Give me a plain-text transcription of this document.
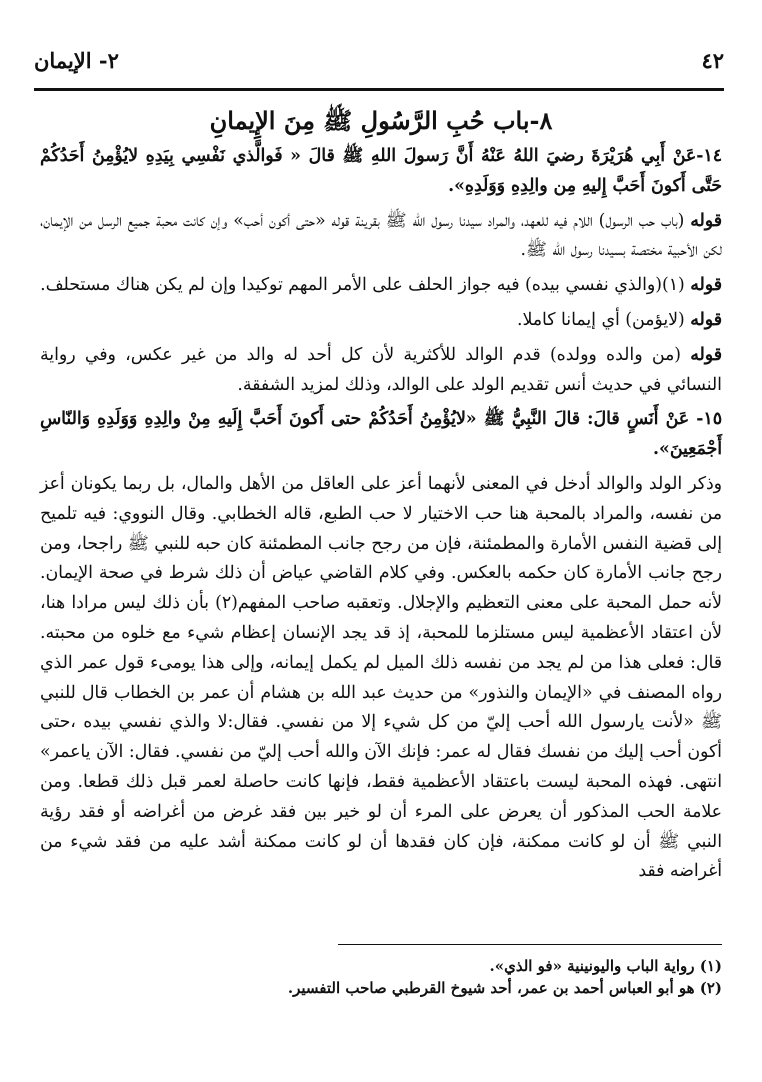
٤٢
٢- الإيمان
٨-باب حُبِ الرَّسُولِ ﷺ مِنَ الإِيمانِ

١٤-عَنْ أَبِي هُرَيْرَةَ رضيَ اللهُ عَنْهُ أَنَّ رَسولَ اللهِ ﷺ قالَ « فَوالَّذي نَفْسِي بِيَدِهِ لايُؤْمِنُ أَحَدُكُمْ حَتَّى أَكونَ أَحَبَّ إِليهِ مِن والِدِهِ وَوَلَدِهِ».

قوله (باب حب الرسول) اللام فيه للعهد، والمراد سيدنا رسول الله ﷺ بقرينة قوله «حتى أكون أحب» وإن كانت محبة جميع الرسل من الإيمان، لكن الأحبية مختصة بسيدنا رسول الله ﷺ.

قوله (١)(والذي نفسي بيده) فيه جواز الحلف على الأمر المهم توكيدا وإن لم يكن هناك مستحلف.

قوله (لايؤمن) أي إيمانا كاملا.

قوله (من والده وولده) قدم الوالد للأكثرية لأن كل أحد له والد من غير عكس، وفي رواية النسائي في حديث أنس تقديم الولد على الوالد، وذلك لمزيد الشفقة.

١٥- عَنْ أَنَسٍ قالَ: قالَ النَّبِيُّ ﷺ «لايُؤْمِنُ أَحَدُكُمْ حتى أَكونَ أَحَبَّ إِلَيهِ مِنْ والِدِهِ وَوَلَدِهِ وَالنّاسِ أَجْمَعِينَ».

وذكر الولد والوالد أدخل في المعنى لأنهما أعز على العاقل من الأهل والمال، بل ربما يكونان أعز من نفسه، والمراد بالمحبة هنا حب الاختيار لا حب الطبع، قاله الخطابي. وقال النووي: فيه تلميح إلى قضية النفس الأمارة والمطمئنة، فإن من رجح جانب المطمئنة كان حبه للنبي ﷺ راجحا، ومن رجح جانب الأمارة كان حكمه بالعكس. وفي كلام القاضي عياض أن ذلك شرط في صحة الإيمان. لأنه حمل المحبة على معنى التعظيم والإجلال. وتعقبه صاحب المفهم(٢) بأن ذلك ليس مرادا هنا، لأن اعتقاد الأعظمية ليس مستلزما للمحبة، إذ قد يجد الإنسان إعظام شيء مع خلوه من محبته. قال: فعلى هذا من لم يجد من نفسه ذلك الميل لم يكمل إيمانه، وإلى هذا يومىء قول عمر الذي رواه المصنف في «الإيمان والنذور» من حديث عبد الله بن هشام أن عمر بن الخطاب قال للنبي ﷺ «لأنت يارسول الله أحب إليّ من كل شيء إلا من نفسي. فقال:لا والذي نفسي بيده ،حتى أكون أحب إليك من نفسك فقال له عمر: فإنك الآن والله أحب إليّ من نفسي. فقال: الآن ياعمر» انتهى. فهذه المحبة ليست باعتقاد الأعظمية فقط، فإنها كانت حاصلة لعمر قبل ذلك قطعا. ومن علامة الحب المذكور أن يعرض على المرء أن لو خير بين فقد غرض من أغراضه أو فقد رؤية النبي ﷺ أن لو كانت ممكنة، فإن كان فقدها أن لو كانت ممكنة أشد عليه من فقد شيء من أغراضه فقد

(١) رواية الباب واليونينية «فو الذي».
(٢) هو أبو العباس أحمد بن عمر، أحد شيوخ القرطبي صاحب التفسير.
